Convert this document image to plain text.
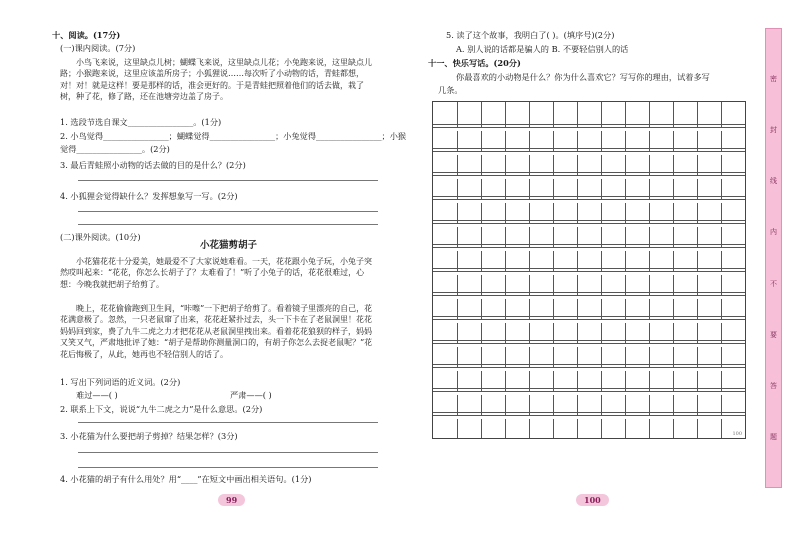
十、阅读。(17分)
(一)课内阅读。(7分)
小鸟飞来说，这里缺点儿树；蝴蝶飞来说，这里缺点儿花；小兔跑来说，这里缺点儿路；小猴跑来说，这里应该盖所房子；小狐狸说……每次听了小动物的话，青蛙都想，对！对！就是这样！要是那样的话，准会更好的。于是青蛙把照着他们的话去做，栽了树，种了花，修了路，还在池塘旁边盖了房子。
1. 选段节选自课文________________。(1分)
2. 小鸟觉得________________；蝴蝶觉得________________；小兔觉得________________；小猴
觉得________________。(2分)
3. 最后青蛙照小动物的话去做的目的是什么？(2分)
4. 小狐狸会觉得缺什么？发挥想象写一写。(2分)
(二)课外阅读。(10分)
小花猫剪胡子
小花猫花花十分爱美，她最爱不了大家说她难看。一天，花花跟小兔子玩，小兔子突然哎叫起来：“花花，你怎么长胡子了？太难看了！”听了小兔子的话，花花很难过，心想：今晚我就把胡子给剪了。
晚上，花花偷偷跑到卫生间，“咔嚓”一下把胡子给剪了。看着镜子里漂亮的自己，花花满意极了。忽然，一只老鼠窜了出来，花花赶紧扑过去，头一下卡在了老鼠洞里！花花妈妈回到家，费了九牛二虎之力才把花花从老鼠洞里拽出来。看着花花狼狈的样子，妈妈又笑又气，严肃地批评了她：“胡子是帮助你测量洞口的，有胡子你怎么去捉老鼠呢？”花花后悔极了，从此，她再也不轻信别人的话了。
1. 写出下列词语的近义词。(2分)
难过——( )	严肃——( )
2. 联系上下文，说说“九牛二虎之力”是什么意思。(2分)
3. 小花猫为什么要把胡子剪掉？结果怎样？(3分)
4. 小花猫的胡子有什么用处？用“____”在短文中画出相关语句。(1分)
99
5. 读了这个故事，我明白了( )。(填序号)(2分)
A. 别人说的话都是骗人的 B. 不要轻信别人的话
十一、快乐写话。(20分)
你最喜欢的小动物是什么？你为什么喜欢它？写写你的理由，试着多写
几条。
100
100
密
封
线
内
不
要
答
题
